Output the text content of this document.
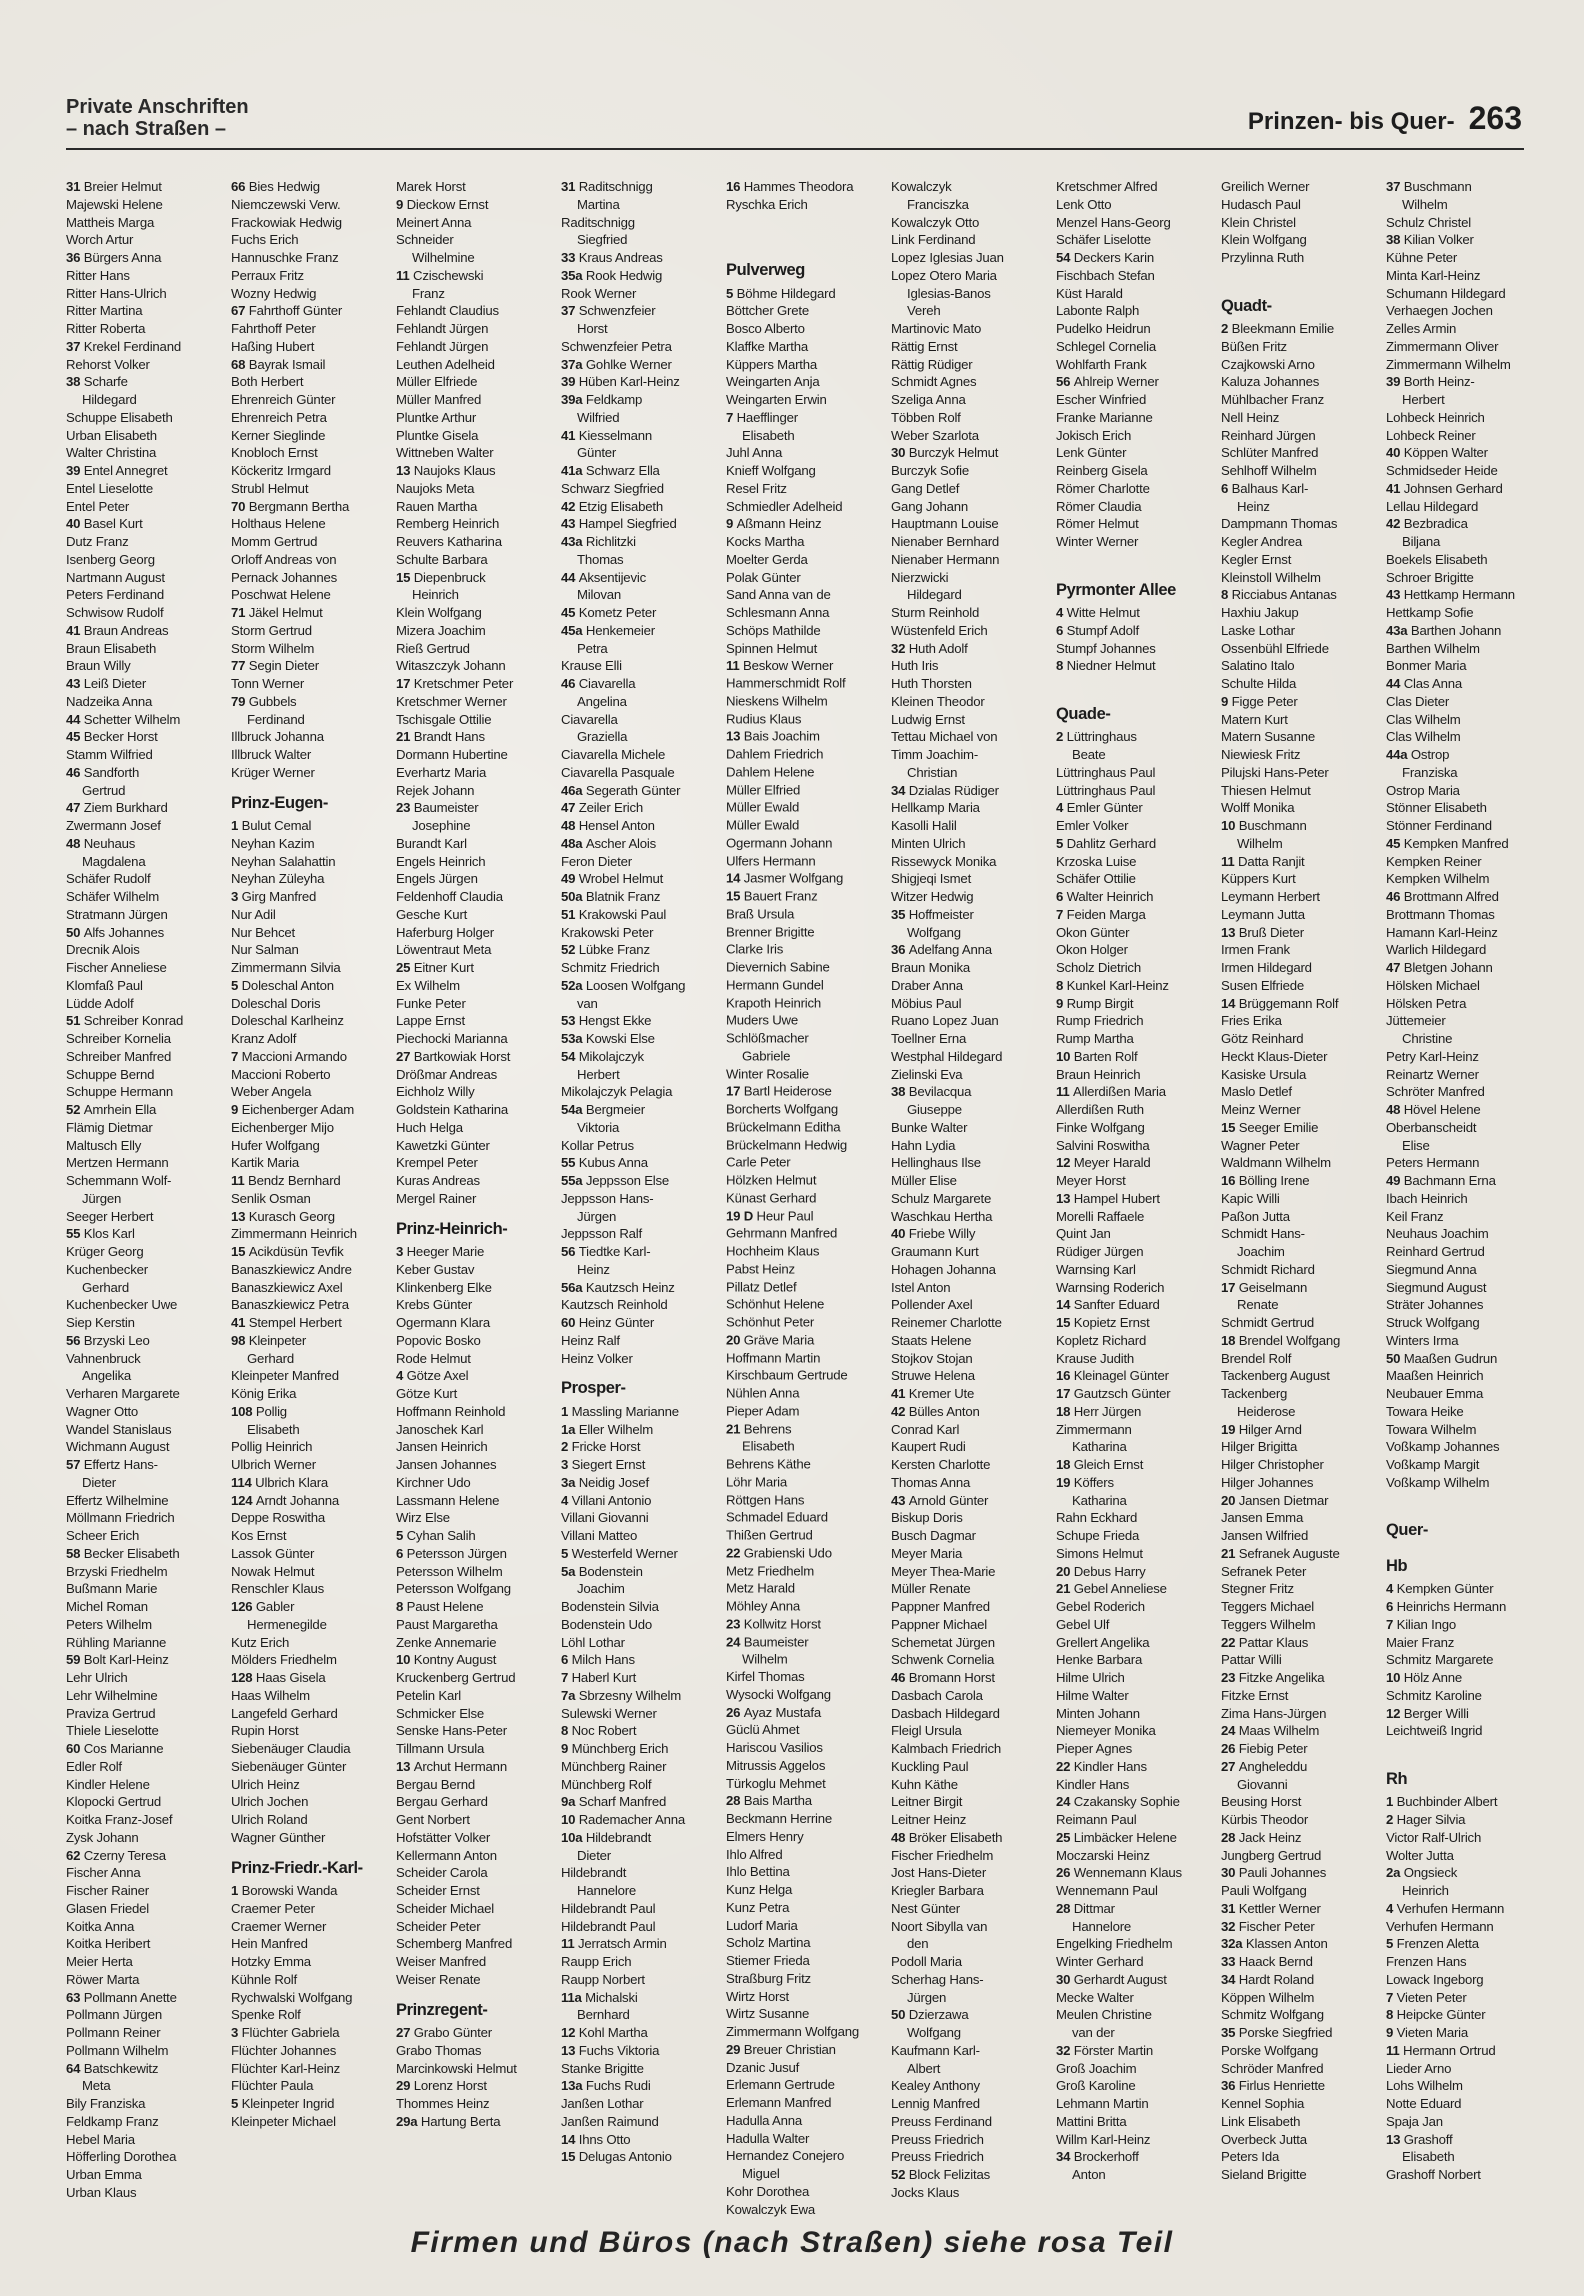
Private Anschriften
– nach Straßen –	Prinzen- bis Quer- 263
31 Breier Helmut
Majewski Helene
Mattheis Marga
Worch Artur
36 Bürgers Anna
Ritter Hans
Ritter Hans-Ulrich
Ritter Martina
Ritter Roberta
37 Krekel Ferdinand
Rehorst Volker
38 Scharfe
Hildegard
Schuppe Elisabeth
Urban Elisabeth
Walter Christina
39 Entel Annegret
Entel Lieselotte
Entel Peter
40 Basel Kurt
Dutz Franz
Isenberg Georg
Nartmann August
Peters Ferdinand
Schwisow Rudolf
41 Braun Andreas
Braun Elisabeth
Braun Willy
43 Leiß Dieter
Nadzeika Anna
44 Schetter Wilhelm
45 Becker Horst
Stamm Wilfried
46 Sandforth
Gertrud
47 Ziem Burkhard
Zwermann Josef
48 Neuhaus
Magdalena
Schäfer Rudolf
Schäfer Wilhelm
Stratmann Jürgen
50 Alfs Johannes
Drecnik Alois
Fischer Anneliese
Klomfaß Paul
Lüdde Adolf
51 Schreiber Konrad
Schreiber Kornelia
Schreiber Manfred
Schuppe Bernd
Schuppe Hermann
52 Amrhein Ella
Flämig Dietmar
Maltusch Elly
Mertzen Hermann
Schemmann Wolf-
Jürgen
Seeger Herbert
55 Klos Karl
Krüger Georg
Kuchenbecker
Gerhard
Kuchenbecker Uwe
Siep Kerstin
56 Brzyski Leo
Vahnenbruck
Angelika
Verharen Margarete
Wagner Otto
Wandel Stanislaus
Wichmann August
57 Effertz Hans-
Dieter
Effertz Wilhelmine
Möllmann Friedrich
Scheer Erich
58 Becker Elisabeth
Brzyski Friedhelm
Bußmann Marie
Michel Roman
Peters Wilhelm
Rühling Marianne
59 Bolt Karl-Heinz
Lehr Ulrich
Lehr Wilhelmine
Praviza Gertrud
Thiele Lieselotte
60 Cos Marianne
Edler Rolf
Kindler Helene
Klopocki Gertrud
Koitka Franz-Josef
Zysk Johann
62 Czerny Teresa
Fischer Anna
Fischer Rainer
Glasen Friedel
Koitka Anna
Koitka Heribert
Meier Herta
Röwer Marta
63 Pollmann Anette
Pollmann Jürgen
Pollmann Reiner
Pollmann Wilhelm
64 Batschkewitz
Meta
Bily Franziska
Feldkamp Franz
Hebel Maria
Höfferling Dorothea
Urban Emma
Urban Klaus
66 Bies Hedwig
Niemczewski Verw.
Frackowiak Hedwig
Fuchs Erich
Hannuschke Franz
Perraux Fritz
Wozny Hedwig
67 Fahrthoff Günter
Fahrthoff Peter
Haßing Hubert
68 Bayrak Ismail
Both Herbert
Ehrenreich Günter
Ehrenreich Petra
Kerner Sieglinde
Knobloch Ernst
Köckeritz Irmgard
Strubl Helmut
70 Bergmann Bertha
Holthaus Helene
Momm Gertrud
Orloff Andreas von
Pernack Johannes
Poschwat Helene
71 Jäkel Helmut
Storm Gertrud
Storm Wilhelm
77 Segin Dieter
Tonn Werner
79 Gubbels
Ferdinand
Illbruck Johanna
Illbruck Walter
Krüger Werner
Prinz-Eugen-
1 Bulut Cemal
Neyhan Kazim
Neyhan Salahattin
Neyhan Züleyha
3 Girg Manfred
Nur Adil
Nur Behcet
Nur Salman
Zimmermann Silvia
5 Doleschal Anton
Doleschal Doris
Doleschal Karlheinz
Kranz Adolf
7 Maccioni Armando
Maccioni Roberto
Weber Angela
9 Eichenberger Adam
Eichenberger Mijo
Hufer Wolfgang
Kartik Maria
11 Bendz Bernhard
Senlik Osman
13 Kurasch Georg
Zimmermann Heinrich
15 Acikdüsün Tevfik
Banaszkiewicz Andre
Banaszkiewicz Axel
Banaszkiewicz Petra
41 Stempel Herbert
98 Kleinpeter
Gerhard
Kleinpeter Manfred
König Erika
108 Pollig
Elisabeth
Pollig Heinrich
Ulbrich Werner
114 Ulbrich Klara
124 Arndt Johanna
Deppe Roswitha
Kos Ernst
Lassok Günter
Nowak Helmut
Renschler Klaus
126 Gabler
Hermenegilde
Kutz Erich
Mölders Friedhelm
128 Haas Gisela
Haas Wilhelm
Langefeld Gerhard
Rupin Horst
Siebenäuger Claudia
Siebenäuger Günter
Ulrich Heinz
Ulrich Jochen
Ulrich Roland
Wagner Günther
Prinz-Friedr.-Karl-
1 Borowski Wanda
Craemer Peter
Craemer Werner
Hein Manfred
Hotzky Emma
Kühnle Rolf
Rychwalski Wolfgang
Spenke Rolf
3 Flüchter Gabriela
Flüchter Johannes
Flüchter Karl-Heinz
Flüchter Paula
5 Kleinpeter Ingrid
Kleinpeter Michael
Marek Horst
9 Dieckow Ernst
Meinert Anna
Schneider
Wilhelmine
11 Czischewski
Franz
Fehlandt Claudius
Fehlandt Jürgen
Fehlandt Jürgen
Leuthen Adelheid
Müller Elfriede
Müller Manfred
Pluntke Arthur
Pluntke Gisela
Wittneben Walter
13 Naujoks Klaus
Naujoks Meta
Rauen Martha
Remberg Heinrich
Reuvers Katharina
Schulte Barbara
15 Diepenbruck
Heinrich
Klein Wolfgang
Mizera Joachim
Rieß Gertrud
Witaszczyk Johann
17 Kretschmer Peter
Kretschmer Werner
Tschisgale Ottilie
21 Brandt Hans
Dormann Hubertine
Everhartz Maria
Rejek Johann
23 Baumeister
Josephine
Burandt Karl
Engels Heinrich
Engels Jürgen
Feldenhoff Claudia
Gesche Kurt
Haferburg Holger
Löwentraut Meta
25 Eitner Kurt
Ex Wilhelm
Funke Peter
Lappe Ernst
Piechocki Marianna
27 Bartkowiak Horst
Drößmar Andreas
Eichholz Willy
Goldstein Katharina
Huch Helga
Kawetzki Günter
Krempel Peter
Kuras Andreas
Mergel Rainer
Prinz-Heinrich-
3 Heeger Marie
Keber Gustav
Klinkenberg Elke
Krebs Günter
Ogermann Klara
Popovic Bosko
Rode Helmut
4 Götze Axel
Götze Kurt
Hoffmann Reinhold
Janoschek Karl
Jansen Heinrich
Jansen Johannes
Kirchner Udo
Lassmann Helene
Wirz Else
5 Cyhan Salih
6 Petersson Jürgen
Petersson Wilhelm
Petersson Wolfgang
8 Paust Helene
Paust Margaretha
Zenke Annemarie
10 Kontny August
Kruckenberg Gertrud
Petelin Karl
Schmicker Else
Senske Hans-Peter
Tillmann Ursula
13 Archut Hermann
Bergau Bernd
Bergau Gerhard
Gent Norbert
Hofstätter Volker
Kellermann Anton
Scheider Carola
Scheider Ernst
Scheider Michael
Scheider Peter
Schemberg Manfred
Weiser Manfred
Weiser Renate
Prinzregent-
27 Grabo Günter
Grabo Thomas
Marcinkowski Helmut
29 Lorenz Horst
Thommes Heinz
29a Hartung Berta
31 Raditschnigg
Martina
Raditschnigg
Siegfried
33 Kraus Andreas
35a Rook Hedwig
Rook Werner
37 Schwenzfeier
Horst
Schwenzfeier Petra
37a Gohlke Werner
39 Hüben Karl-Heinz
39a Feldkamp
Wilfried
41 Kiesselmann
Günter
41a Schwarz Ella
Schwarz Siegfried
42 Etzig Elisabeth
43 Hampel Siegfried
43a Richlitzki
Thomas
44 Aksentijevic
Milovan
45 Kometz Peter
45a Henkemeier
Petra
Krause Elli
46 Ciavarella
Angelina
Ciavarella
Graziella
Ciavarella Michele
Ciavarella Pasquale
46a Segerath Günter
47 Zeiler Erich
48 Hensel Anton
48a Ascher Alois
Feron Dieter
49 Wrobel Helmut
50a Blatnik Franz
51 Krakowski Paul
Krakowski Peter
52 Lübke Franz
Schmitz Friedrich
52a Loosen Wolfgang
van
53 Hengst Ekke
53a Kowski Else
54 Mikolajczyk
Herbert
Mikolajczyk Pelagia
54a Bergmeier
Viktoria
Kollar Petrus
55 Kubus Anna
55a Jeppsson Else
Jeppsson Hans-
Jürgen
Jeppsson Ralf
56 Tiedtke Karl-
Heinz
56a Kautzsch Heinz
Kautzsch Reinhold
60 Heinz Günter
Heinz Ralf
Heinz Volker
Prosper-
1 Massling Marianne
1a Eller Wilhelm
2 Fricke Horst
3 Siegert Ernst
3a Neidig Josef
4 Villani Antonio
Villani Giovanni
Villani Matteo
5 Westerfeld Werner
5a Bodenstein
Joachim
Bodenstein Silvia
Bodenstein Udo
Löhl Lothar
6 Milch Hans
7 Haberl Kurt
7a Sbrzesny Wilhelm
Sulewski Werner
8 Noc Robert
9 Münchberg Erich
Münchberg Rainer
Münchberg Rolf
9a Scharf Manfred
10 Rademacher Anna
10a Hildebrandt
Dieter
Hildebrandt
Hannelore
Hildebrandt Paul
Hildebrandt Paul
11 Jerratsch Armin
Raupp Erich
Raupp Norbert
11a Michalski
Bernhard
12 Kohl Martha
13 Fuchs Viktoria
Stanke Brigitte
13a Fuchs Rudi
Janßen Lothar
Janßen Raimund
14 Ihns Otto
15 Delugas Antonio
16 Hammes Theodora
Ryschka Erich

Pulverweg
5 Böhme Hildegard
Böttcher Grete
Bosco Alberto
Klaffke Martha
Küppers Martha
Weingarten Anja
Weingarten Erwin
7 Haefflinger
Elisabeth
Juhl Anna
Knieff Wolfgang
Resel Fritz
Schmiedler Adelheid
9 Aßmann Heinz
Kocks Martha
Moelter Gerda
Polak Günter
Sand Anna van de
Schlesmann Anna
Schöps Mathilde
Spinnen Helmut
11 Beskow Werner
Hammerschmidt Rolf
Nieskens Wilhelm
Rudius Klaus
13 Bais Joachim
Dahlem Friedrich
Dahlem Helene
Müller Elfried
Müller Ewald
Müller Ewald
Ogermann Johann
Ulfers Hermann
14 Jasmer Wolfgang
15 Bauert Franz
Braß Ursula
Brenner Brigitte
Clarke Iris
Dievernich Sabine
Hermann Gundel
Krapoth Heinrich
Muders Uwe
Schlößmacher
Gabriele
Winter Rosalie
17 Bartl Heiderose
Borcherts Wolfgang
Brückelmann Editha
Brückelmann Hedwig
Carle Peter
Hölzken Helmut
Künast Gerhard
19 D Heur Paul
Gehrmann Manfred
Hochheim Klaus
Pabst Heinz
Pillatz Detlef
Schönhut Helene
Schönhut Peter
20 Gräve Maria
Hoffmann Martin
Kirschbaum Gertrude
Nühlen Anna
Pieper Adam
21 Behrens
Elisabeth
Behrens Käthe
Löhr Maria
Röttgen Hans
Schmadel Eduard
Thißen Gertrud
22 Grabienski Udo
Metz Friedhelm
Metz Harald
Möhley Anna
23 Kollwitz Horst
24 Baumeister
Wilhelm
Kirfel Thomas
Wysocki Wolfgang
26 Ayaz Mustafa
Güclü Ahmet
Hariscou Vasilios
Mitrussis Aggelos
Türkoglu Mehmet
28 Bais Martha
Beckmann Herrine
Elmers Henry
Ihlo Alfred
Ihlo Bettina
Kunz Helga
Kunz Petra
Ludorf Maria
Scholz Martina
Stiemer Frieda
Straßburg Fritz
Wirtz Horst
Wirtz Susanne
Zimmermann Wolfgang
29 Breuer Christian
Dzanic Jusuf
Erlemann Gertrude
Erlemann Manfred
Hadulla Anna
Hadulla Walter
Hernandez Conejero
Miguel
Kohr Dorothea
Kowalczyk Ewa
Kowalczyk
Franciszka
Kowalczyk Otto
Link Ferdinand
Lopez Iglesias Juan
Lopez Otero Maria
Iglesias-Banos
Vereh
Martinovic Mato
Rättig Ernst
Rättig Rüdiger
Schmidt Agnes
Szeliga Anna
Többen Rolf
Weber Szarlota
30 Burczyk Helmut
Burczyk Sofie
Gang Detlef
Gang Johann
Hauptmann Louise
Nienaber Bernhard
Nienaber Hermann
Nierzwicki
Hildegard
Sturm Reinhold
Wüstenfeld Erich
32 Huth Adolf
Huth Iris
Huth Thorsten
Kleinen Theodor
Ludwig Ernst
Tettau Michael von
Timm Joachim-
Christian
34 Dzialas Rüdiger
Hellkamp Maria
Kasolli Halil
Minten Ulrich
Rissewyck Monika
Shigjeqi Ismet
Witzer Hedwig
35 Hoffmeister
Wolfgang
36 Adelfang Anna
Braun Monika
Draber Anna
Möbius Paul
Ruano Lopez Juan
Toellner Erna
Westphal Hildegard
Zielinski Eva
38 Bevilacqua
Giuseppe
Bunke Walter
Hahn Lydia
Hellinghaus Ilse
Müller Elise
Schulz Margarete
Waschkau Hertha
40 Friebe Willy
Graumann Kurt
Hohagen Johanna
Istel Anton
Pollender Axel
Reinemer Charlotte
Staats Helene
Stojkov Stojan
Struwe Helena
41 Kremer Ute
42 Bülles Anton
Conrad Karl
Kaupert Rudi
Kersten Charlotte
Thomas Anna
43 Arnold Günter
Biskup Doris
Busch Dagmar
Meyer Maria
Meyer Thea-Marie
Müller Renate
Pappner Manfred
Pappner Michael
Schemetat Jürgen
Schwenk Cornelia
46 Bromann Horst
Dasbach Carola
Dasbach Hildegard
Fleigl Ursula
Kalmbach Friedrich
Kuckling Paul
Kuhn Käthe
Leitner Birgit
Leitner Heinz
48 Bröker Elisabeth
Fischer Friedhelm
Jost Hans-Dieter
Kriegler Barbara
Nest Günter
Noort Sibylla van
den
Podoll Maria
Scherhag Hans-
Jürgen
50 Dzierzawa
Wolfgang
Kaufmann Karl-
Albert
Kealey Anthony
Lennig Manfred
Preuss Ferdinand
Preuss Friedrich
Preuss Friedrich
52 Block Felizitas
Jocks Klaus
Kretschmer Alfred
Lenk Otto
Menzel Hans-Georg
Schäfer Liselotte
54 Deckers Karin
Fischbach Stefan
Küst Harald
Labonte Ralph
Pudelko Heidrun
Schlegel Cornelia
Wohlfarth Frank
56 Ahlreip Werner
Escher Winfried
Franke Marianne
Jokisch Erich
Lenk Günter
Reinberg Gisela
Römer Charlotte
Römer Claudia
Römer Helmut
Winter Werner

Pyrmonter Allee
4 Witte Helmut
6 Stumpf Adolf
Stumpf Johannes
8 Niedner Helmut

Quade-
2 Lüttringhaus
Beate
Lüttringhaus Paul
Lüttringhaus Paul
4 Emler Günter
Emler Volker
5 Dahlitz Gerhard
Krzoska Luise
Schäfer Ottilie
6 Walter Heinrich
7 Feiden Marga
Okon Günter
Okon Holger
Scholz Dietrich
8 Kunkel Karl-Heinz
9 Rump Birgit
Rump Friedrich
Rump Martha
10 Barten Rolf
Braun Heinrich
11 Allerdißen Maria
Allerdißen Ruth
Finke Wolfgang
Salvini Roswitha
12 Meyer Harald
Meyer Horst
13 Hampel Hubert
Morelli Raffaele
Quint Jan
Rüdiger Jürgen
Warnsing Karl
Warnsing Roderich
14 Sanfter Eduard
15 Kopietz Ernst
Kopletz Richard
Krause Judith
16 Kleinagel Günter
17 Gautzsch Günter
18 Herr Jürgen
Zimmermann
Katharina
18 Gleich Ernst
19 Köffers
Katharina
Rahn Eckhard
Schupe Frieda
Simons Helmut
20 Debus Harry
21 Gebel Anneliese
Gebel Roderich
Gebel Ulf
Grellert Angelika
Henke Barbara
Hilme Ulrich
Hilme Walter
Minten Johann
Niemeyer Monika
Pieper Agnes
22 Kindler Hans
Kindler Hans
24 Czakansky Sophie
Reimann Paul
25 Limbäcker Helene
Moczarski Heinz
26 Wennemann Klaus
Wennemann Paul
28 Dittmar
Hannelore
Engelking Friedhelm
Winter Gerhard
30 Gerhardt August
Mecke Walter
Meulen Christine
van der
32 Förster Martin
Groß Joachim
Groß Karoline
Lehmann Martin
Mattini Britta
Willm Karl-Heinz
34 Brockerhoff
Anton
Greilich Werner
Hudasch Paul
Klein Christel
Klein Wolfgang
Przylinna Ruth

Quadt-
2 Bleekmann Emilie
Büßen Fritz
Czajkowski Arno
Kaluza Johannes
Mühlbacher Franz
Nell Heinz
Reinhard Jürgen
Schlüter Manfred
Sehlhoff Wilhelm
6 Balhaus Karl-
Heinz
Dampmann Thomas
Kegler Andrea
Kegler Ernst
Kleinstoll Wilhelm
8 Ricciabus Antanas
Haxhiu Jakup
Laske Lothar
Ossenbühl Elfriede
Salatino Italo
Schulte Hilda
9 Figge Peter
Matern Kurt
Matern Susanne
Niewiesk Fritz
Pilujski Hans-Peter
Thiesen Helmut
Wolff Monika
10 Buschmann
Wilhelm
11 Datta Ranjit
Küppers Kurt
Leymann Herbert
Leymann Jutta
13 Bruß Dieter
Irmen Frank
Irmen Hildegard
Susen Elfriede
14 Brüggemann Rolf
Fries Erika
Götz Reinhard
Heckt Klaus-Dieter
Kasiske Ursula
Maslo Detlef
Meinz Werner
15 Seeger Emilie
Wagner Peter
Waldmann Wilhelm
16 Bölling Irene
Kapic Willi
Paßon Jutta
Schmidt Hans-
Joachim
Schmidt Richard
17 Geiselmann
Renate
Schmidt Gertrud
18 Brendel Wolfgang
Brendel Rolf
Tackenberg August
Tackenberg
Heiderose
19 Hilger Arnd
Hilger Brigitta
Hilger Christopher
Hilger Johannes
20 Jansen Dietmar
Jansen Emma
Jansen Wilfried
21 Sefranek Auguste
Sefranek Peter
Stegner Fritz
Teggers Michael
Teggers Wilhelm
22 Pattar Klaus
Pattar Willi
23 Fitzke Angelika
Fitzke Ernst
Zima Hans-Jürgen
24 Maas Wilhelm
26 Fiebig Peter
27 Angheleddu
Giovanni
Beusing Horst
Kürbis Theodor
28 Jack Heinz
Jungberg Gertrud
30 Pauli Johannes
Pauli Wolfgang
31 Kettler Werner
32 Fischer Peter
32a Klassen Anton
33 Haack Bernd
34 Hardt Roland
Köppen Wilhelm
Schmitz Wolfgang
35 Porske Siegfried
Porske Wolfgang
Schröder Manfred
36 Firlus Henriette
Kennel Sophia
Link Elisabeth
Overbeck Jutta
Peters Ida
Sieland Brigitte
37 Buschmann
Wilhelm
Schulz Christel
38 Kilian Volker
Kühne Peter
Minta Karl-Heinz
Schumann Hildegard
Verhaegen Jochen
Zelles Armin
Zimmermann Oliver
Zimmermann Wilhelm
39 Borth Heinz-
Herbert
Lohbeck Heinrich
Lohbeck Reiner
40 Köppen Walter
Schmidseder Heide
41 Johnsen Gerhard
Lellau Hildegard
42 Bezbradica
Biljana
Boekels Elisabeth
Schroer Brigitte
43 Hettkamp Hermann
Hettkamp Sofie
43a Barthen Johann
Barthen Wilhelm
Bonmer Maria
44 Clas Anna
Clas Dieter
Clas Wilhelm
Clas Wilhelm
44a Ostrop
Franziska
Ostrop Maria
Stönner Elisabeth
Stönner Ferdinand
45 Kempken Manfred
Kempken Reiner
Kempken Wilhelm
46 Brottmann Alfred
Brottmann Thomas
Hamann Karl-Heinz
Warlich Hildegard
47 Bletgen Johann
Hölsken Michael
Hölsken Petra
Jüttemeier
Christine
Petry Karl-Heinz
Reinartz Werner
Schröter Manfred
48 Hövel Helene
Oberbanscheidt
Elise
Peters Hermann
49 Bachmann Erna
Ibach Heinrich
Keil Franz
Neuhaus Joachim
Reinhard Gertrud
Siegmund Anna
Siegmund August
Sträter Johannes
Struck Wolfgang
Winters Irma
50 Maaßen Gudrun
Maaßen Heinrich
Neubauer Emma
Towara Heike
Towara Wilhelm
Voßkamp Johannes
Voßkamp Margit
Voßkamp Wilhelm

Quer-
Hb
4 Kempken Günter
6 Heinrichs Hermann
7 Kilian Ingo
Maier Franz
Schmitz Margarete
10 Hölz Anne
Schmitz Karoline
12 Berger Willi
Leichtweiß Ingrid

Rh
1 Buchbinder Albert
2 Hager Silvia
Victor Ralf-Ulrich
Wolter Jutta
2a Ongsieck
Heinrich
4 Verhufen Hermann
Verhufen Hermann
5 Frenzen Aletta
Frenzen Hans
Lowack Ingeborg
7 Vieten Peter
8 Heipcke Günter
9 Vieten Maria
11 Hermann Ortrud
Lieder Arno
Lohs Wilhelm
Notte Eduard
Spaja Jan
13 Grashoff
Elisabeth
Grashoff Norbert
Firmen und Büros (nach Straßen) siehe rosa Teil
